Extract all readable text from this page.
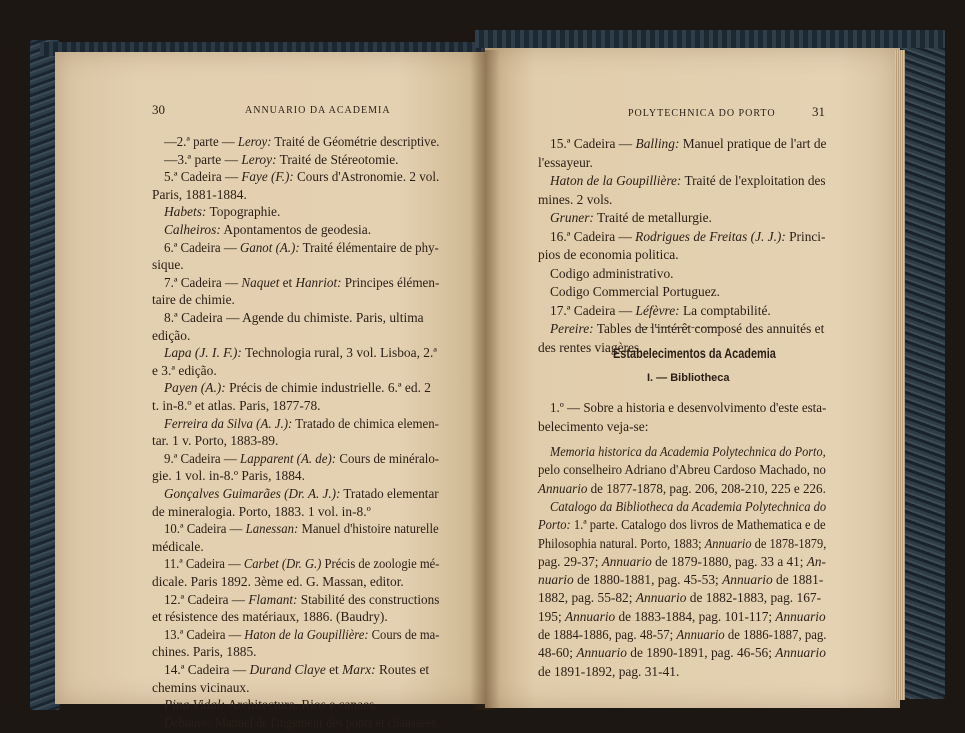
30	ANNUARIO DA ACADEMIA	POLYTECHNICA DO PORTO	31
Estabelecimentos da Academia
I. — Bibliotheca
—2.ª parte — Leroy: Traité de Géométrie descriptive.
—3.ª parte — Leroy: Traité de Stéreotomie.
5.ª Cadeira — Faye (F.): Cours d'Astronomie. 2 vol.
Paris, 1881-1884.
Habets: Topographie.
Calheiros: Apontamentos de geodesia.
6.ª Cadeira — Ganot (A.): Traité élémentaire de phy-
sique.
7.ª Cadeira — Naquet et Hanriot: Principes élémen-
taire de chimie.
8.ª Cadeira — Agende du chimiste. Paris, ultima
edição.
Lapa (J. I. F.): Technologia rural, 3 vol. Lisboa, 2.ª
e 3.ª edição.
Payen (A.): Précis de chimie industrielle. 6.ª ed. 2
t. in-8.º et atlas. Paris, 1877-78.
Ferreira da Silva (A. J.): Tratado de chimica elemen-
tar. 1 v. Porto, 1883-89.
9.ª Cadeira — Lapparent (A. de): Cours de minéralo-
gie. 1 vol. in-8.º Paris, 1884.
Gonçalves Guimarães (Dr. A. J.): Tratado elementar
de mineralogia. Porto, 1883. 1 vol. in-8.º
10.ª Cadeira — Lanessan: Manuel d'histoire naturelle
médicale.
11.ª Cadeira — Carbet (Dr. G.) Précis de zoologie mé-
dicale. Paris 1892. 3ème ed. G. Massan, editor.
12.ª Cadeira — Flamant: Stabilité des constructions
et résistence des matériaux, 1886. (Baudry).
13.ª Cadeira — Haton de la Goupillière: Cours de ma-
chines. Paris, 1885.
14.ª Cadeira — Durand Claye et Marx: Routes et
chemins vicinaux.
Pina Vidal: Architectura. Rios e canaes.
Debauve: Manuel de l'ingénieur des ponts et chaussées.
15.ª Cadeira — Balling: Manuel pratique de l'art de
l'essayeur.
Haton de la Goupillière: Traité de l'exploitation des
mines. 2 vols.
Gruner: Traité de metallurgie.
16.ª Cadeira — Rodrigues de Freitas (J. J.): Princi-
pios de economia politica.
Codigo administrativo.
Codigo Commercial Portuguez.
17.ª Cadeira — Léfèvre: La comptabilité.
Pereire: Tables de l'intérêt composé des annuités et
des rentes viagères.
1.º — Sobre a historia e desenvolvimento d'este esta-
belecimento veja-se:
Memoria historica da Academia Polytechnica do Porto,
pelo conselheiro Adriano d'Abreu Cardoso Machado, no
Annuario de 1877-1878, pag. 206, 208-210, 225 e 226.
Catalogo da Bibliotheca da Academia Polytechnica do
Porto: 1.ª parte. Catalogo dos livros de Mathematica e de
Philosophia natural. Porto, 1883; Annuario de 1878-1879,
pag. 29-37; Annuario de 1879-1880, pag. 33 a 41; An-
nuario de 1880-1881, pag. 45-53; Annuario de 1881-
1882, pag. 55-82; Annuario de 1882-1883, pag. 167-
195; Annuario de 1883-1884, pag. 101-117; Annuario
de 1884-1886, pag. 48-57; Annuario de 1886-1887, pag.
48-60; Annuario de 1890-1891, pag. 46-56; Annuario
de 1891-1892, pag. 31-41.
